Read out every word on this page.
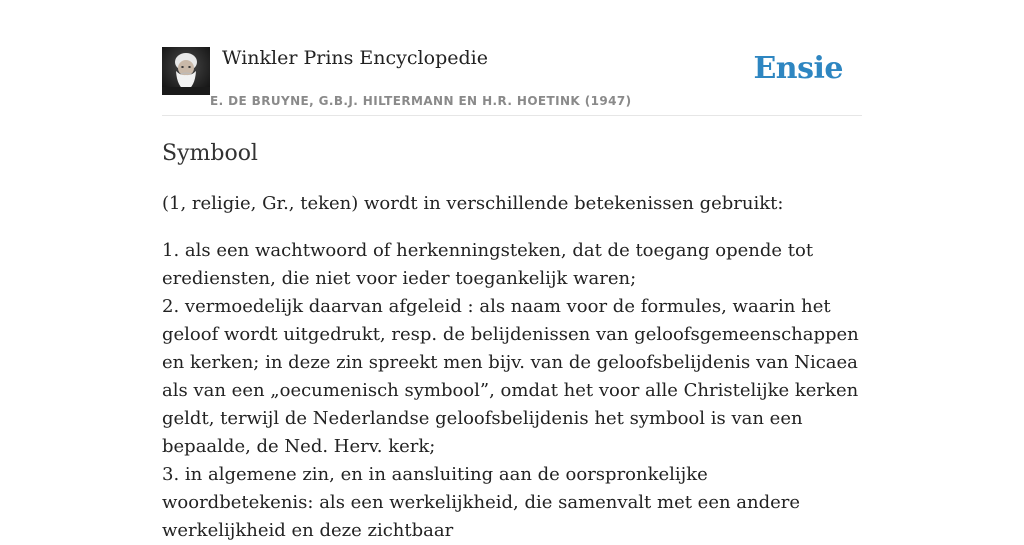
Winkler Prins Encyclopedie
E. DE BRUYNE, G.B.J. HILTERMANN EN H.R. HOETINK (1947)
Ensie
Symbool

(1, religie, Gr., teken) wordt in verschillende betekenissen gebruikt:

1. als een wachtwoord of herkenningsteken, dat de toegang opende tot erediensten, die niet voor ieder toegankelijk waren;
2. vermoedelijk daarvan afgeleid : als naam voor de formules, waarin het geloof wordt uitgedrukt, resp. de belijdenissen van geloofsgemeenschappen en kerken; in deze zin spreekt men bijv. van de geloofsbelijdenis van Nicaea als van een „oecumenisch symbool”, omdat het voor alle Christelijke kerken geldt, terwijl de Nederlandse geloofsbelijdenis het symbool is van een bepaalde, de Ned. Herv. kerk;
3. in algemene zin, en in aansluiting aan de oorspronkelijke woordbetekenis: als een werkelijkheid, die samenvalt met een andere werkelijkheid en deze zichtbaar
